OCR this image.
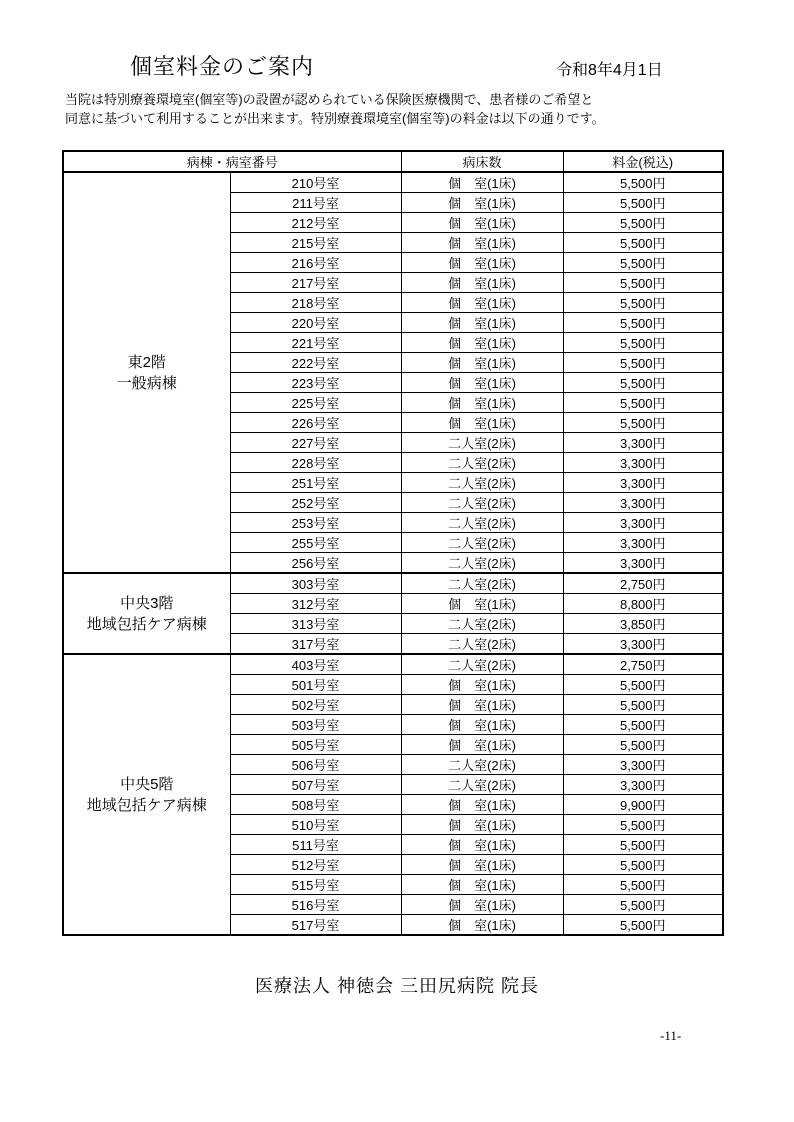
個室料金のご案内	令和8年4月1日
当院は特別療養環境室(個室等)の設置が認められている保険医療機関で、患者様のご希望と
同意に基づいて利用することが出来ます。特別療養環境室(個室等)の料金は以下の通りです。
病棟・病室番号		病床数	料金(税込)

東2階
一般病棟	210号室	個　室(1床)	5,500円
	211号室	個　室(1床)	5,500円
	212号室	個　室(1床)	5,500円
	215号室	個　室(1床)	5,500円
	216号室	個　室(1床)	5,500円
	217号室	個　室(1床)	5,500円
	218号室	個　室(1床)	5,500円
	220号室	個　室(1床)	5,500円
	221号室	個　室(1床)	5,500円
	222号室	個　室(1床)	5,500円
	223号室	個　室(1床)	5,500円
	225号室	個　室(1床)	5,500円
	226号室	個　室(1床)	5,500円
	227号室	二人室(2床)	3,300円
	228号室	二人室(2床)	3,300円
	251号室	二人室(2床)	3,300円
	252号室	二人室(2床)	3,300円
	253号室	二人室(2床)	3,300円
	255号室	二人室(2床)	3,300円
	256号室	二人室(2床)	3,300円

中央3階
地域包括ケア病棟	303号室	二人室(2床)	2,750円
	312号室	個　室(1床)	8,800円
	313号室	二人室(2床)	3,850円
	317号室	二人室(2床)	3,300円

中央5階
地域包括ケア病棟	403号室	二人室(2床)	2,750円
	501号室	個　室(1床)	5,500円
	502号室	個　室(1床)	5,500円
	503号室	個　室(1床)	5,500円
	505号室	個　室(1床)	5,500円
	506号室	二人室(2床)	3,300円
	507号室	二人室(2床)	3,300円
	508号室	個　室(1床)	9,900円
	510号室	個　室(1床)	5,500円
	511号室	個　室(1床)	5,500円
	512号室	個　室(1床)	5,500円
	515号室	個　室(1床)	5,500円
	516号室	個　室(1床)	5,500円
	517号室	個　室(1床)	5,500円
医療法人 神徳会 三田尻病院 院長
-11-
